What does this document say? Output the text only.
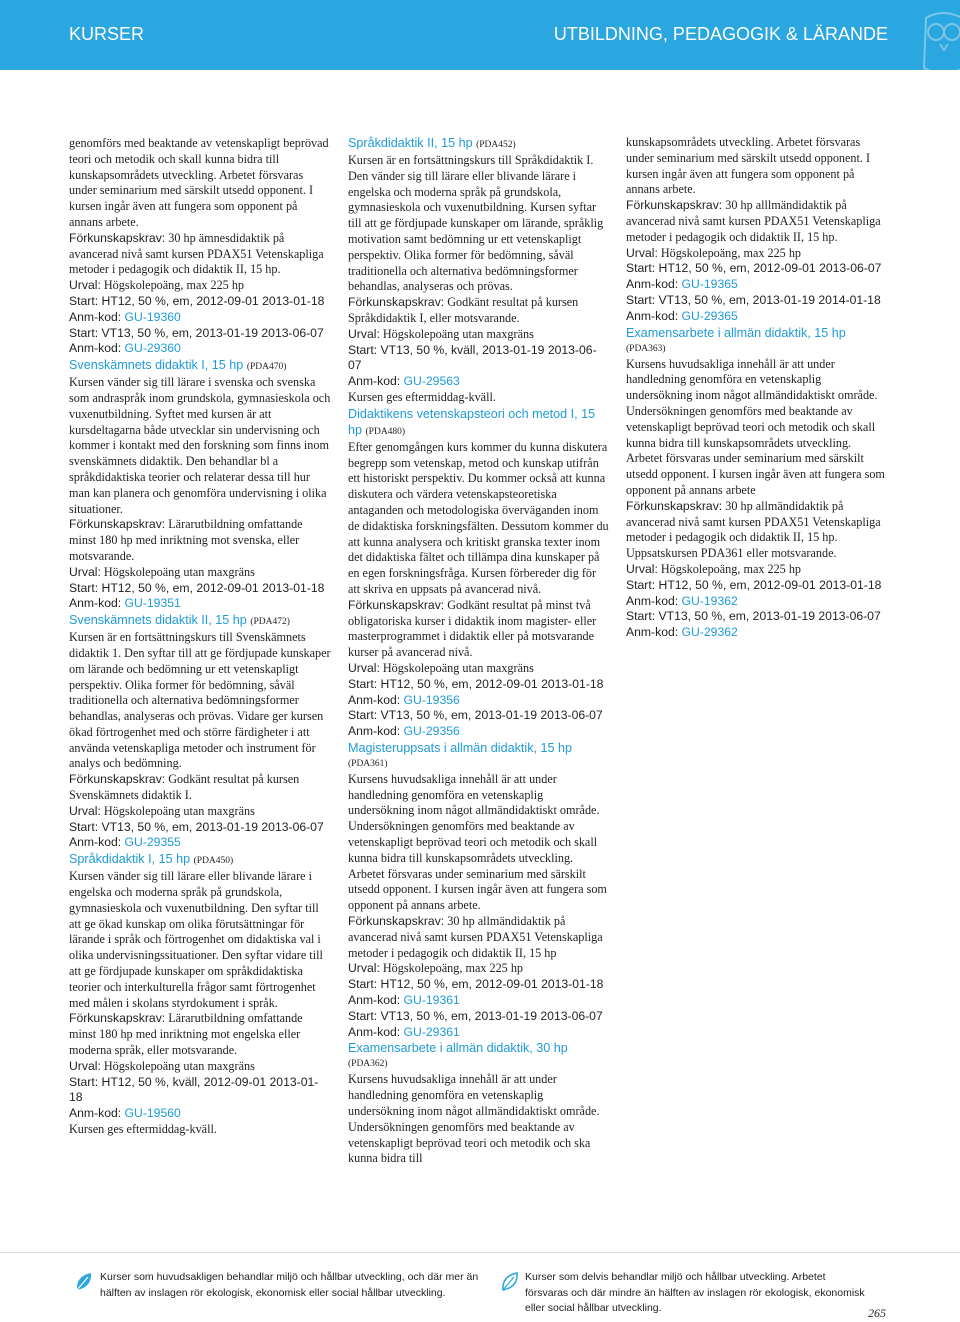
KURSER	UTBILDNING, PEDAGOGIK & LÄRANDE

genomförs med beaktande av vetenskapligt beprövad teori och metodik och skall kunna bidra till kunskapsområdets utveckling. Arbetet försvaras under seminarium med särskilt utsedd opponent. I kursen ingår även att fungera som opponent på annans arbete.

Förkunskapskrav: 30 hp ämnesdidaktik på avancerad nivå samt kursen PDAX51 Vetenskapliga metoder i pedagogik och didaktik II, 15 hp.

Urval: Högskolepoäng, max 225 hp

Start: HT12, 50 %, em, 2012-09-01 2013-01-18

Anm-kod: GU-19360

Start: VT13, 50 %, em, 2013-01-19 2013-06-07

Anm-kod: GU-29360

Svenskämnets didaktik I, 15 hp (PDA470)

Kursen vänder sig till lärare i svenska och svenska som andraspråk inom grundskola, gymnasieskola och vuxenutbildning. Syftet med kursen är att kursdeltagarna både utvecklar sin undervisning och kommer i kontakt med den forskning som finns inom svenskämnets didaktik. Den behandlar bl a språkdidaktiska teorier och relaterar dessa till hur man kan planera och genomföra undervisning i olika situationer.

Förkunskapskrav: Lärarutbildning omfattande minst 180 hp med inriktning mot svenska, eller motsvarande.

Urval: Högskolepoäng utan maxgräns

Start: HT12, 50 %, em, 2012-09-01 2013-01-18

Anm-kod: GU-19351

Svenskämnets didaktik II, 15 hp (PDA472)

Kursen är en fortsättningskurs till Svenskämnets didaktik 1. Den syftar till att ge fördjupade kunskaper om lärande och bedömning ur ett vetenskapligt perspektiv. Olika former för bedömning, såväl traditionella och alternativa bedömningsformer behandlas, analyseras och prövas. Vidare ger kursen ökad förtrogenhet med och större färdigheter i att använda vetenskapliga metoder och instrument för analys och bedömning.

Förkunskapskrav: Godkänt resultat på kursen Svenskämnets didaktik I.

Urval: Högskolepoäng utan maxgräns

Start: VT13, 50 %, em, 2013-01-19 2013-06-07

Anm-kod: GU-29355

Språkdidaktik I, 15 hp (PDA450)

Kursen vänder sig till lärare eller blivande lärare i engelska och moderna språk på grundskola, gymnasieskola och vuxenutbildning. Den syftar till att ge ökad kunskap om olika förutsättningar för lärande i språk och förtrogenhet om didaktiska val i olika undervisningssituationer. Den syftar vidare till att ge fördjupade kunskaper om språkdidaktiska teorier och interkulturella frågor samt förtrogenhet med målen i skolans styrdokument i språk.

Förkunskapskrav: Lärarutbildning omfattande minst 180 hp med inriktning mot engelska eller moderna språk, eller motsvarande.

Urval: Högskolepoäng utan maxgräns

Start: HT12, 50 %, kväll, 2012-09-01 2013-01-18

Anm-kod: GU-19560

Kursen ges eftermiddag-kväll.

Språkdidaktik II, 15 hp (PDA452)

Kursen är en fortsättningskurs till Språkdidaktik I. Den vänder sig till lärare eller blivande lärare i engelska och moderna språk på grundskola, gymnasieskola och vuxenutbildning. Kursen syftar till att ge fördjupade kunskaper om lärande, språklig motivation samt bedömning ur ett vetenskapligt perspektiv. Olika former för bedömning, såväl traditionella och alternativa bedömningsformer behandlas, analyseras och prövas.

Förkunskapskrav: Godkänt resultat på kursen Språkdidaktik I, eller motsvarande.

Urval: Högskolepoäng utan maxgräns

Start: VT13, 50 %, kväll, 2013-01-19 2013-06-07

Anm-kod: GU-29563

Kursen ges eftermiddag-kväll.

Didaktikens vetenskapsteori och metod I, 15 hp (PDA480)

Efter genomgången kurs kommer du kunna diskutera begrepp som vetenskap, metod och kunskap utifrån ett historiskt perspektiv. Du kommer också att kunna diskutera och värdera vetenskapsteoretiska antaganden och metodologiska överväganden inom de didaktiska forskningsfälten. Dessutom kommer du att kunna analysera och kritiskt granska texter inom det didaktiska fältet och tillämpa dina kunskaper på en egen forskningsfråga. Kursen förbereder dig för att skriva en uppsats på avancerad nivå.

Förkunskapskrav: Godkänt resultat på minst två obligatoriska kurser i didaktik inom magister- eller masterprogrammet i didaktik eller på motsvarande kurser på avancerad nivå.

Urval: Högskolepoäng utan maxgräns

Start: HT12, 50 %, em, 2012-09-01 2013-01-18

Anm-kod: GU-19356

Start: VT13, 50 %, em, 2013-01-19 2013-06-07

Anm-kod: GU-29356

Magisteruppsats i allmän didaktik, 15 hp

(PDA361)

Kursens huvudsakliga innehåll är att under handledning genomföra en vetenskaplig undersökning inom något allmändidaktiskt område. Undersökningen genomförs med beaktande av vetenskapligt beprövad teori och metodik och skall kunna bidra till kunskapsområdets utveckling. Arbetet försvaras under seminarium med särskilt utsedd opponent. I kursen ingår även att fungera som opponent på annans arbete.

Förkunskapskrav: 30 hp allmändidaktik på avancerad nivå samt kursen PDAX51 Vetenskapliga metoder i pedagogik och didaktik II, 15 hp

Urval: Högskolepoäng, max 225 hp

Start: HT12, 50 %, em, 2012-09-01 2013-01-18

Anm-kod: GU-19361

Start: VT13, 50 %, em, 2013-01-19 2013-06-07

Anm-kod: GU-29361

Examensarbete i allmän didaktik, 30 hp

(PDA362)

Kursens huvudsakliga innehåll är att under handledning genomföra en vetenskaplig undersökning inom något allmändidaktiskt område. Undersökningen genomförs med beaktande av vetenskapligt beprövad teori och metodik och ska kunna bidra till

kunskapsområdets utveckling. Arbetet försvaras under seminarium med särskilt utsedd opponent. I kursen ingår även att fungera som opponent på annans arbete.

Förkunskapskrav: 30 hp alllmändidaktik på avancerad nivå samt kursen PDAX51 Vetenskapliga metoder i pedagogik och didaktik II, 15 hp.

Urval: Högskolepoäng, max 225 hp

Start: HT12, 50 %, em, 2012-09-01 2013-06-07

Anm-kod: GU-19365

Start: VT13, 50 %, em, 2013-01-19 2014-01-18

Anm-kod: GU-29365

Examensarbete i allmän didaktik, 15 hp

(PDA363)

Kursens huvudsakliga innehåll är att under handledning genomföra en vetenskaplig undersökning inom något allmändidaktiskt område. Undersökningen genomförs med beaktande av vetenskapligt beprövad teori och metodik och skall kunna bidra till kunskapsområdets utveckling. Arbetet försvaras under seminarium med särskilt utsedd opponent. I kursen ingår även att fungera som opponent på annans arbete

Förkunskapskrav: 30 hp allmändidaktik på avancerad nivå samt kursen PDAX51 Vetenskapliga metoder i pedagogik och didaktik II, 15 hp. Uppsatskursen PDA361 eller motsvarande.

Urval: Högskolepoäng, max 225 hp

Start: HT12, 50 %, em, 2012-09-01 2013-01-18

Anm-kod: GU-19362

Start: VT13, 50 %, em, 2013-01-19 2013-06-07

Anm-kod: GU-29362

Kurser som huvudsakligen behandlar miljö och hållbar utveckling, och där mer än hälften av inslagen rör ekologisk, ekonomisk eller social hållbar utveckling.
Kurser som delvis behandlar miljö och hållbar utveckling. Arbetet försvaras och där mindre än hälften av inslagen rör ekologisk, ekonomisk eller social hållbar utveckling.	265
